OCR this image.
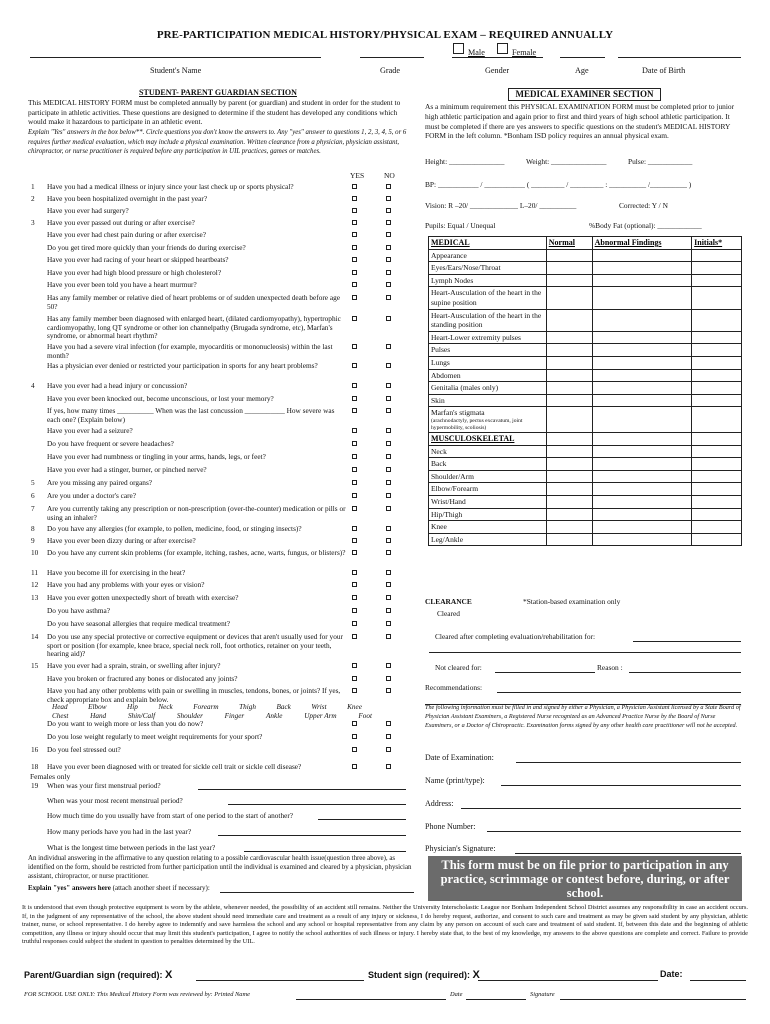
PRE-PARTICIPATION MEDICAL HISTORY/PHYSICAL EXAM – REQUIRED ANNUALLY
Male	Female
Student's Name	Grade	Gender	Age	Date of Birth
STUDENT- PARENT GUARDIAN SECTION
This MEDICAL HISTORY FORM must be completed annually by parent (or guardian) and student in order for the student to participate in athletic activities. These questions are designed to determine if the student has developed any conditions which would make it hazardous to participate in an athletic event.
Explain "Yes" answers in the box below**. Circle questions you don't know the answers to. Any "yes" answer to questions 1, 2, 3, 4, 5, or 6 requires further medical evaluation, which may include a physical examination. Written clearance from a physician, physician assistant, chiropractor, or nurse practitioner is required before any participation in UIL practices, games or matches.
YES	NO
1 Have you had a medical illness or injury since your last check up or sports physical?
2 Have you been hospitalized overnight in the past year?
Have you ever had surgery?
3 Have you ever passed out during or after exercise?
Have you ever had chest pain during or after exercise?
Do you get tired more quickly than your friends do during exercise?
Have you ever had racing of your heart or skipped heartbeats?
Have you ever had high blood pressure or high cholesterol?
Have you ever been told you have a heart murmur?
Has any family member or relative died of heart problems or of sudden unexpected death before age 50?
Has any family member been diagnosed with enlarged heart, (dilated cardiomyopathy), hypertrophic cardiomyopathy, long QT syndrome or other ion channelpathy (Brugada syndrome, etc), Marfan's syndrome, or abnormal heart rhythm?
Have you had a severe viral infection (for example, myocarditis or mononucleosis) within the last month?
Has a physician ever denied or restricted your participation in sports for any heart problems?
4 Have you ever had a head injury or concussion?
Have you ever been knocked out, become unconscious, or lost your memory?
If yes, how many times __________ When was the last concussion ___________ How severe was each one? (Explain below)
Have you ever had a seizure?
Do you have frequent or severe headaches?
Have you ever had numbness or tingling in your arms, hands, legs, or feet?
Have you ever had a stinger, burner, or pinched nerve?
5 Are you missing any paired organs?
6 Are you under a doctor's care?
7 Are you currently taking any prescription or non-prescription (over-the-counter) medication or pills or using an inhaler?
8 Do you have any allergies (for example, to pollen, medicine, food, or stinging insects)?
9 Have you ever been dizzy during or after exercise?
10 Do you have any current skin problems (for example, itching, rashes, acne, warts, fungus, or blisters)?
11 Have you become ill for exercising in the heat?
12 Have you had any problems with your eyes or vision?
13 Have you ever gotten unexpectedly short of breath with exercise?
Do you have asthma?
Do you have seasonal allergies that require medical treatment?
14 Do you use any special protective or corrective equipment or devices that aren't usually used for your sport or position (for example, knee brace, special neck roll, foot orthotics, retainer on your teeth, hearing aid)?
15 Have you ever had a sprain, strain, or swelling after injury?
Have you broken or fractured any bones or dislocated any joints?
Have you had any other problems with pain or swelling in muscles, tendons, bones, or joints? If yes, check appropriate box and explain below.
Do you want to weigh more or less than you do now?
Do you lose weight regularly to meet weight requirements for your sport?
16 Do you feel stressed out?
18 Have you ever been diagnosed with or treated for sickle cell trait or sickle cell disease?
Head	Elbow	Hip	Neck	Forearm	Thigh	Back	Wrist	Knee
Chest	Hand	Shin/Calf	Shoulder	Finger	Ankle	Upper Arm	Foot
Females only
19 When was your first menstrual period?
When was your most recent menstrual period?
How much time do you usually have from start of one period to the start of another?
How many periods have you had in the last year?
What is the longest time between periods in the last year?
An individual answering in the affirmative to any question relating to a possible cardiovascular health issue(question three above), as identified on the form, should be restricted from further participation until the individual is examined and cleared by a physician, physician assistant, chiropractor, or nurse practitioner.
Explain "yes" answers here (attach another sheet if necessary):
MEDICAL EXAMINER SECTION
As a minimum requirement this PHYSICAL EXAMINATION FORM must be completed prior to junior high athletic participation and again prior to first and third years of high school athletic participation. It must be completed if there are yes answers to specific questions on the student's MEDICAL HISTORY FORM in the left column. *Bonham ISD policy requires an annual physical exam.
Height: _______________	Weight: _______________	Pulse: ____________
BP: ___________ / ___________ ( _________ / _________ : __________ /__________ )
Vision: R –20/ _____________ L–20/ __________	Corrected: Y / N
Pupils: Equal / Unequal	%Body Fat (optional): ____________
MEDICAL	Normal	Abnormal Findings	Initials*
Appearance			
Eyes/Ears/Nose/Throat			
Lymph Nodes			
Heart-Ausculation of the heart in the supine position			
Heart-Ausculation of the heart in the standing position			
Heart-Lower extremity pulses			
Pulses			
Lungs			
Abdomen			
Genitalia (males only)			
Skin			

Marfan's stigmata
(arachnodactyly, pectus excavatum, joint hypermobility, scoliosis)			

MUSCULOSKELETAL			
Neck			
Back			
Shoulder/Arm			
Elbow/Forearm			
Wrist/Hand			
Hip/Thigh			
Knee			
Leg/Ankle			
CLEARANCE	*Station-based examination only
Cleared
Cleared after completing evaluation/rehabilitation for:
Not cleared for:	Reason :
Recommendations:
The following information must be filled in and signed by either a Physician, a Physician Assistant licensed by a State Board of Physician Assistant Examiners, a Registered Nurse recognized as an Advanced Practice Nurse by the Board of Nurse Examiners, or a Doctor of Chiropractic. Examination forms signed by any other health care practitioner will not be accepted.
Date of Examination:
Name (print/type):
Address:
Phone Number:
Physician's Signature:
This form must be on file prior to participation in any practice, scrimmage or contest before, during, or after school.
It is understood that even though protective equipment is worn by the athlete, whenever needed, the possibility of an accident still remains. Neither the University Interscholastic League nor Bonham Independent School District assumes any responsibility in case an accident occurs. If, in the judgment of any representative of the school, the above student should need immediate care and treatment as a result of any injury or sickness, I do hereby request, authorize, and consent to such care and treatment as may be given said student by any physician, athletic trainer, nurse, or school representative. I do hereby agree to indemnify and save harmless the school and any school or hospital representative from any claim by any person on account of such care and treatment of said student. If, between this date and the beginning of athletic competition, any illness or injury should occur that may limit this student's participation, I agree to notify the school authorities of such illness or injury. I hereby state that, to the best of my knowledge, my answers to the above questions are complete and correct. Failure to provide truthful responses could subject the student in question to penalties determined by the UIL.
Parent/Guardian sign (required): X	Student sign (required): X	Date:
FOR SCHOOL USE ONLY: This Medical History Form was reviewed by: Printed Name	Date	Signature
